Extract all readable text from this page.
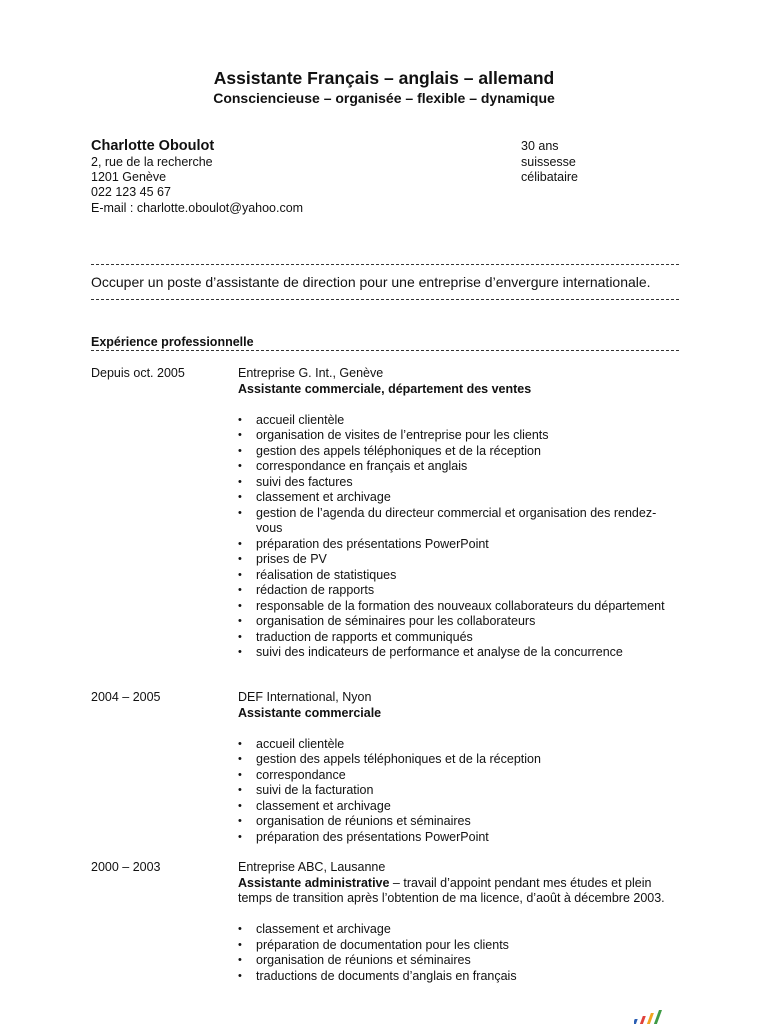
Assistante Français – anglais – allemand
Consciencieuse – organisée – flexible – dynamique
Charlotte Oboulot
2, rue de la recherche
1201 Genève
022 123 45 67
E-mail : charlotte.oboulot@yahoo.com
30 ans
suissesse
célibataire
Occuper un poste d’assistante de direction pour une entreprise d’envergure internationale.
Expérience professionnelle
Depuis oct. 2005	Entreprise G. Int., Genève
Assistante commerciale, département des ventes
• accueil clientèle
• organisation de visites de l’entreprise pour les clients
• gestion des appels téléphoniques et de la réception
• correspondance en français et anglais
• suivi des factures
• classement et archivage
• gestion de l’agenda du directeur commercial et organisation des rendez-vous
• préparation des présentations PowerPoint
• prises de PV
• réalisation de statistiques
• rédaction de rapports
• responsable de la formation des nouveaux collaborateurs du département
• organisation de séminaires pour les collaborateurs
• traduction de rapports et communiqués
• suivi des indicateurs de performance et analyse de la concurrence
2004 – 2005	DEF International, Nyon
Assistante commerciale
• accueil clientèle
• gestion des appels téléphoniques et de la réception
• correspondance
• suivi de la facturation
• classement et archivage
• organisation de réunions et séminaires
• préparation des présentations PowerPoint
2000 – 2003	Entreprise ABC, Lausanne
Assistante administrative – travail d’appoint pendant mes études et plein temps de transition après l’obtention de ma licence, d’août à décembre 2003.
• classement et archivage
• préparation de documentation pour les clients
• organisation de réunions et séminaires
• traductions de documents d’anglais en français
